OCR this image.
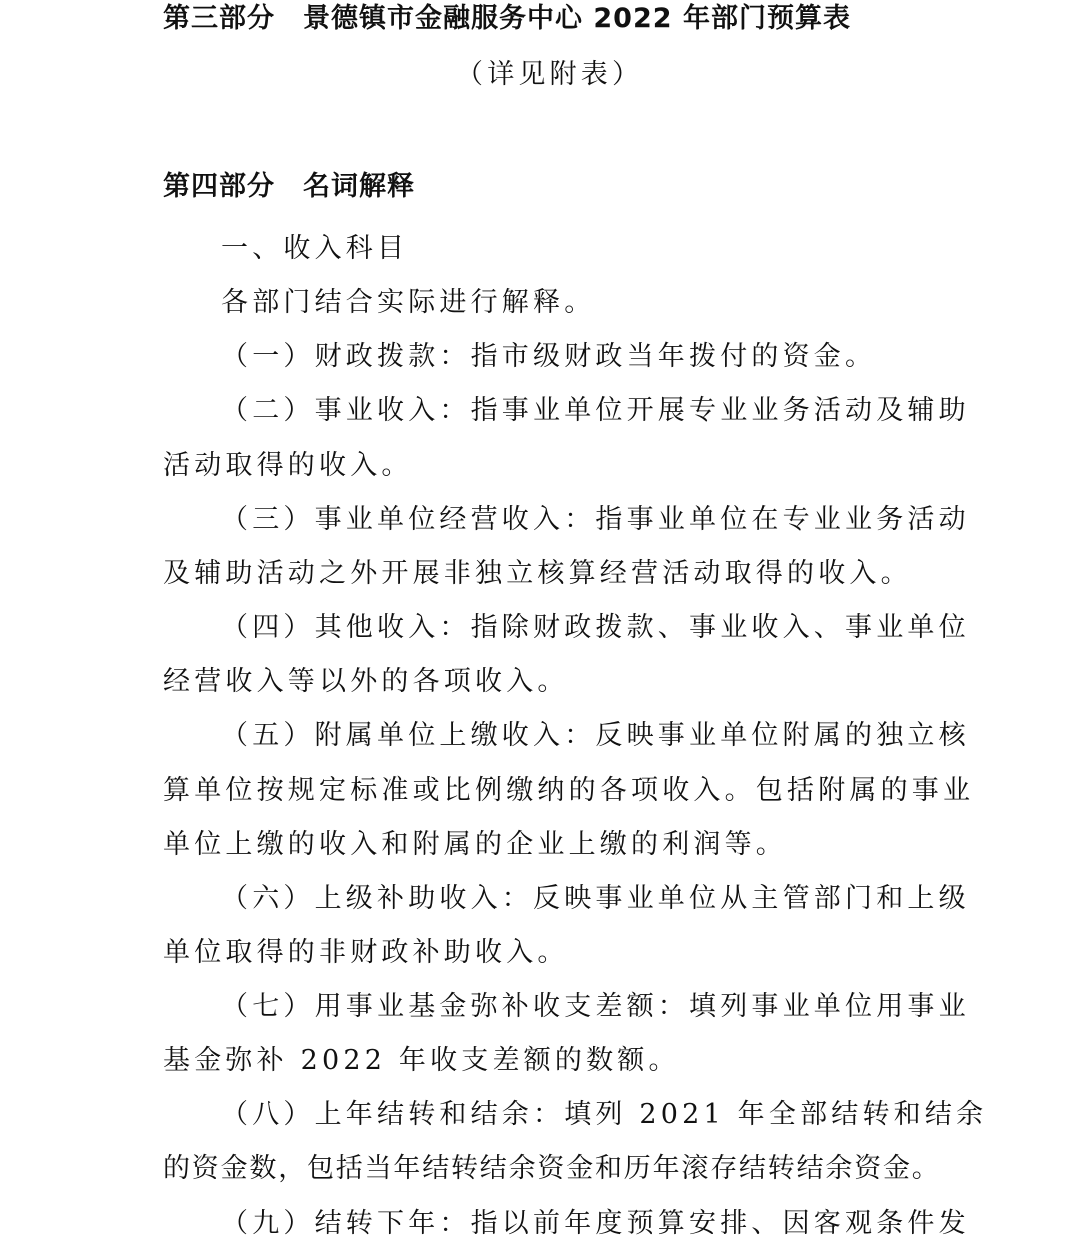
第三部分　景德镇市金融服务中心 2022 年部门预算表
（详见附表）
第四部分　名词解释
一、收入科目
各部门结合实际进行解释。
（一）财政拨款：指市级财政当年拨付的资金。
（二）事业收入：指事业单位开展专业业务活动及辅助
活动取得的收入。
（三）事业单位经营收入：指事业单位在专业业务活动
及辅助活动之外开展非独立核算经营活动取得的收入。
（四）其他收入：指除财政拨款、事业收入、事业单位
经营收入等以外的各项收入。
（五）附属单位上缴收入：反映事业单位附属的独立核
算单位按规定标准或比例缴纳的各项收入。包括附属的事业
单位上缴的收入和附属的企业上缴的利润等。
（六）上级补助收入：反映事业单位从主管部门和上级
单位取得的非财政补助收入。
（七）用事业基金弥补收支差额：填列事业单位用事业
基金弥补 2022 年收支差额的数额。
（八）上年结转和结余：填列 2021 年全部结转和结余
的资金数，包括当年结转结余资金和历年滚存结转结余资金。
（九）结转下年：指以前年度预算安排、因客观条件发
